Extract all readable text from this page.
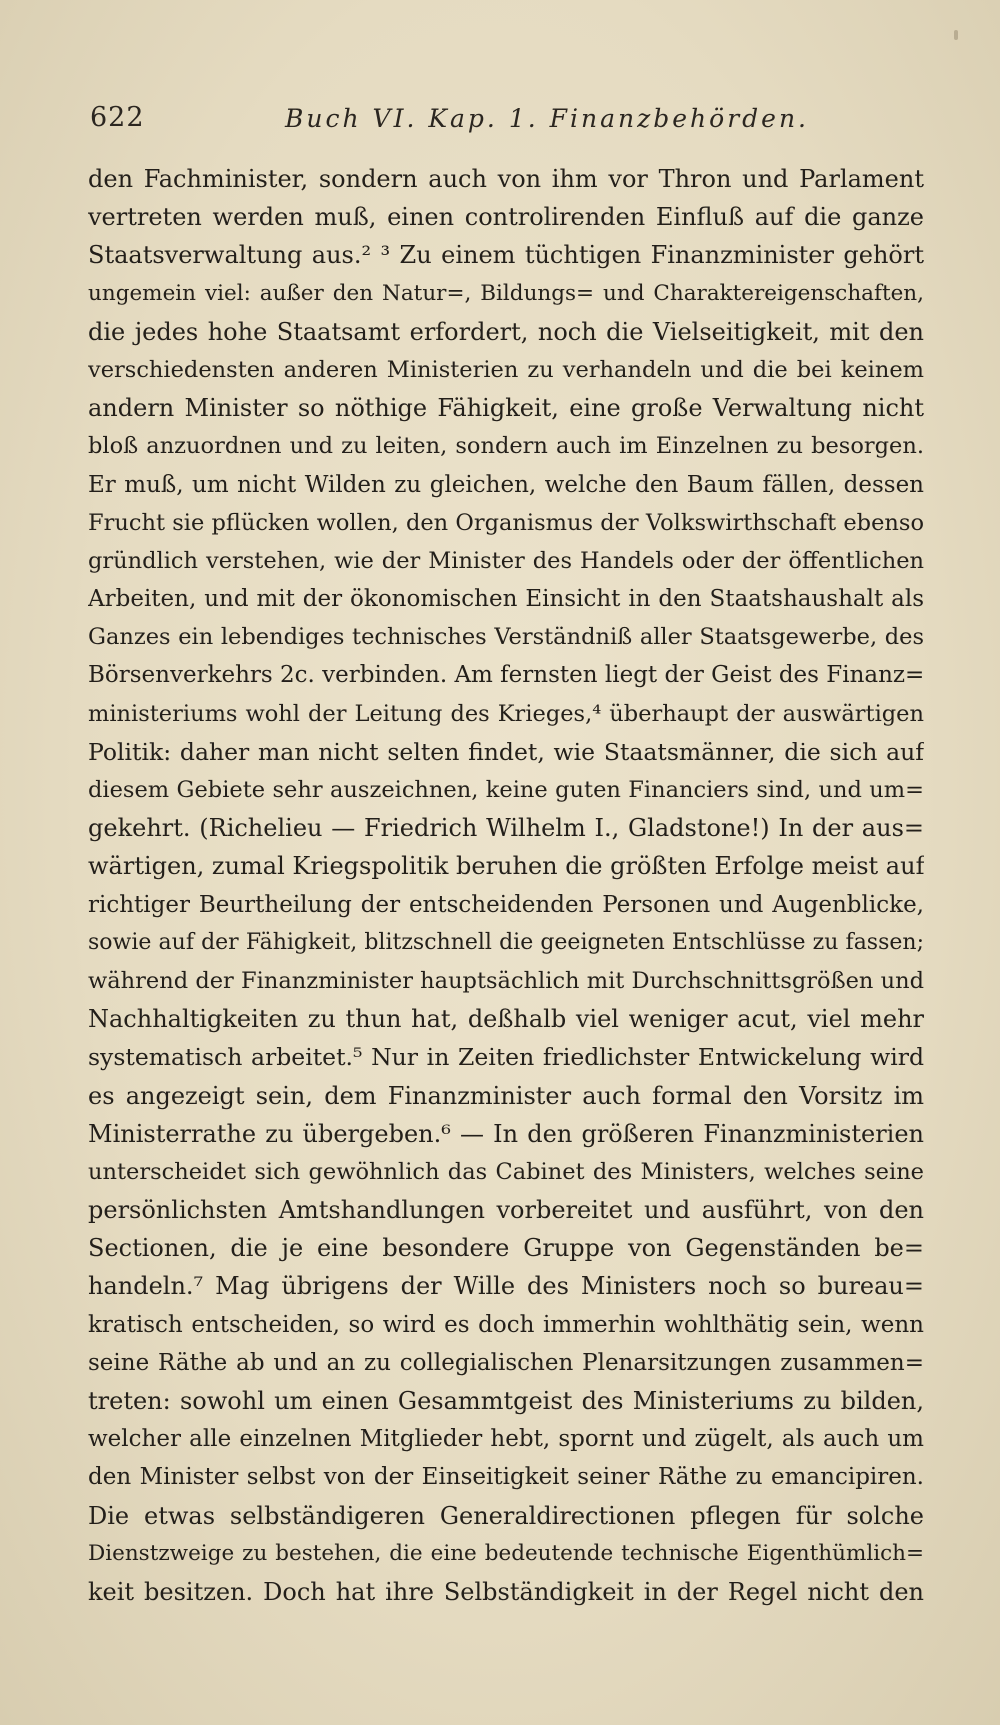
622	Buch VI. Kap. 1. Finanzbehörden.
den Fachminister, sondern auch von ihm vor Thron und Parlament
vertreten werden muß, einen controlirenden Einfluß auf die ganze
Staatsverwaltung aus.² ³ Zu einem tüchtigen Finanzminister gehört
ungemein viel: außer den Natur=, Bildungs= und Charaktereigenschaften,
die jedes hohe Staatsamt erfordert, noch die Vielseitigkeit, mit den
verschiedensten anderen Ministerien zu verhandeln und die bei keinem
andern Minister so nöthige Fähigkeit, eine große Verwaltung nicht
bloß anzuordnen und zu leiten, sondern auch im Einzelnen zu besorgen.
Er muß, um nicht Wilden zu gleichen, welche den Baum fällen, dessen
Frucht sie pflücken wollen, den Organismus der Volkswirthschaft ebenso
gründlich verstehen, wie der Minister des Handels oder der öffentlichen
Arbeiten, und mit der ökonomischen Einsicht in den Staatshaushalt als
Ganzes ein lebendiges technisches Verständniß aller Staatsgewerbe, des
Börsenverkehrs 2c. verbinden. Am fernsten liegt der Geist des Finanz=
ministeriums wohl der Leitung des Krieges,⁴ überhaupt der auswärtigen
Politik: daher man nicht selten findet, wie Staatsmänner, die sich auf
diesem Gebiete sehr auszeichnen, keine guten Financiers sind, und um=
gekehrt. (Richelieu — Friedrich Wilhelm I., Gladstone!) In der aus=
wärtigen, zumal Kriegspolitik beruhen die größten Erfolge meist auf
richtiger Beurtheilung der entscheidenden Personen und Augenblicke,
sowie auf der Fähigkeit, blitzschnell die geeigneten Entschlüsse zu fassen;
während der Finanzminister hauptsächlich mit Durchschnittsgrößen und
Nachhaltigkeiten zu thun hat, deßhalb viel weniger acut, viel mehr
systematisch arbeitet.⁵ Nur in Zeiten friedlichster Entwickelung wird
es angezeigt sein, dem Finanzminister auch formal den Vorsitz im
Ministerrathe zu übergeben.⁶ — In den größeren Finanzministerien
unterscheidet sich gewöhnlich das Cabinet des Ministers, welches seine
persönlichsten Amtshandlungen vorbereitet und ausführt, von den
Sectionen, die je eine besondere Gruppe von Gegenständen be=
handeln.⁷ Mag übrigens der Wille des Ministers noch so bureau=
kratisch entscheiden, so wird es doch immerhin wohlthätig sein, wenn
seine Räthe ab und an zu collegialischen Plenarsitzungen zusammen=
treten: sowohl um einen Gesammtgeist des Ministeriums zu bilden,
welcher alle einzelnen Mitglieder hebt, spornt und zügelt, als auch um
den Minister selbst von der Einseitigkeit seiner Räthe zu emancipiren.
Die etwas selbständigeren Generaldirectionen pflegen für solche
Dienstzweige zu bestehen, die eine bedeutende technische Eigenthümlich=
keit besitzen. Doch hat ihre Selbständigkeit in der Regel nicht den
